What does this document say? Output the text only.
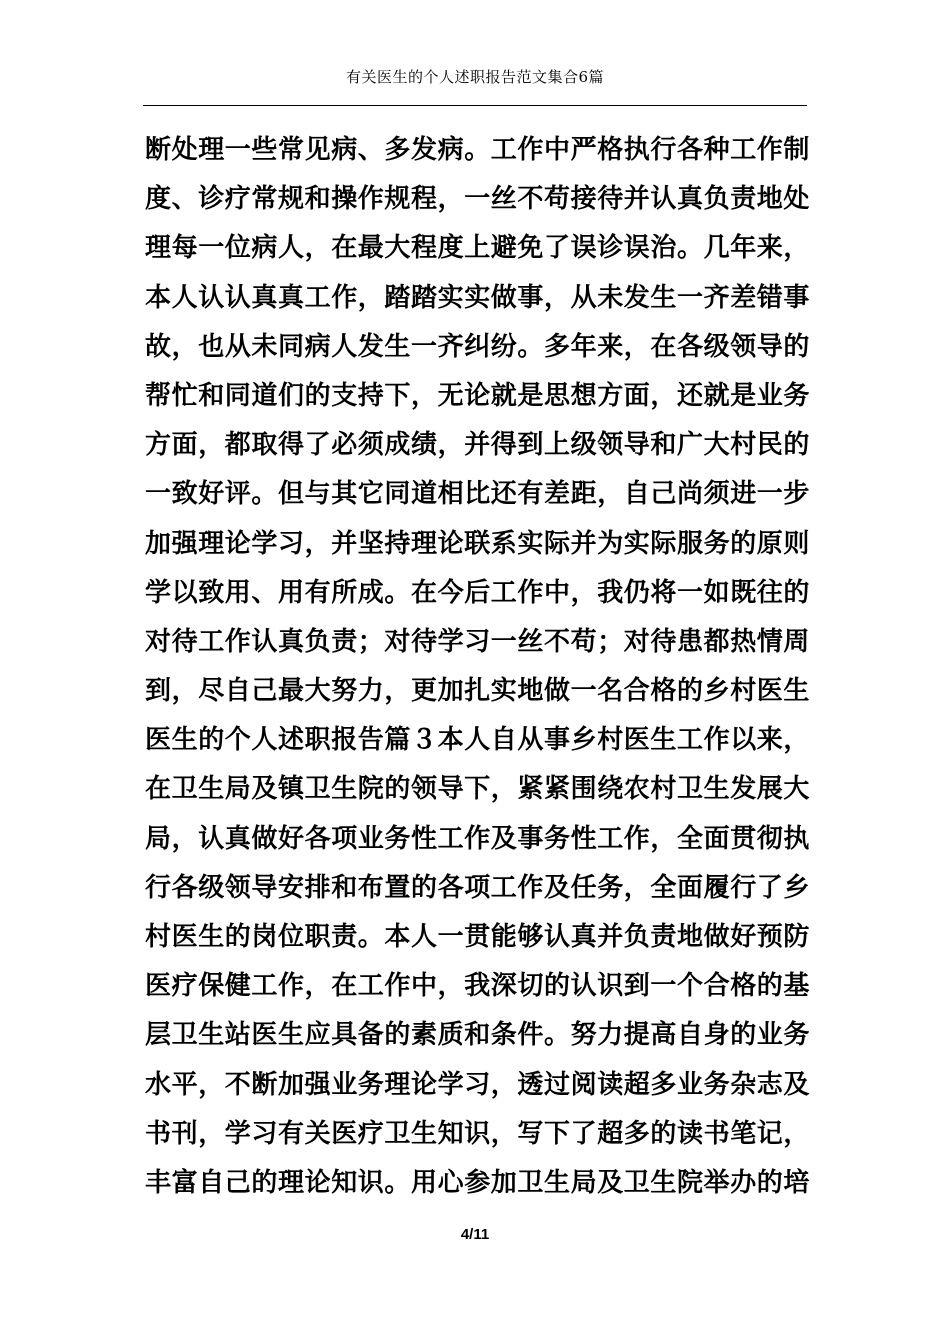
有关医生的个人述职报告范文集合6篇
断处理一些常见病、多发病。工作中严格执行各种工作制
度、诊疗常规和操作规程，一丝不苟接待并认真负责地处
理每一位病人，在最大程度上避免了误诊误治。几年来，
本人认认真真工作，踏踏实实做事，从未发生一齐差错事
故，也从未同病人发生一齐纠纷。多年来，在各级领导的
帮忙和同道们的支持下，无论就是思想方面，还就是业务
方面，都取得了必须成绩，并得到上级领导和广大村民的
一致好评。但与其它同道相比还有差距，自己尚须进一步
加强理论学习，并坚持理论联系实际并为实际服务的原则
学以致用、用有所成。在今后工作中，我仍将一如既往的
对待工作认真负责；对待学习一丝不苟；对待患都热情周
到，尽自己最大努力，更加扎实地做一名合格的乡村医生
医生的个人述职报告篇３本人自从事乡村医生工作以来，
在卫生局及镇卫生院的领导下，紧紧围绕农村卫生发展大
局，认真做好各项业务性工作及事务性工作，全面贯彻执
行各级领导安排和布置的各项工作及任务，全面履行了乡
村医生的岗位职责。本人一贯能够认真并负责地做好预防
医疗保健工作，在工作中，我深切的认识到一个合格的基
层卫生站医生应具备的素质和条件。努力提高自身的业务
水平，不断加强业务理论学习，透过阅读超多业务杂志及
书刊，学习有关医疗卫生知识，写下了超多的读书笔记，
丰富自己的理论知识。用心参加卫生局及卫生院举办的培
4/11
